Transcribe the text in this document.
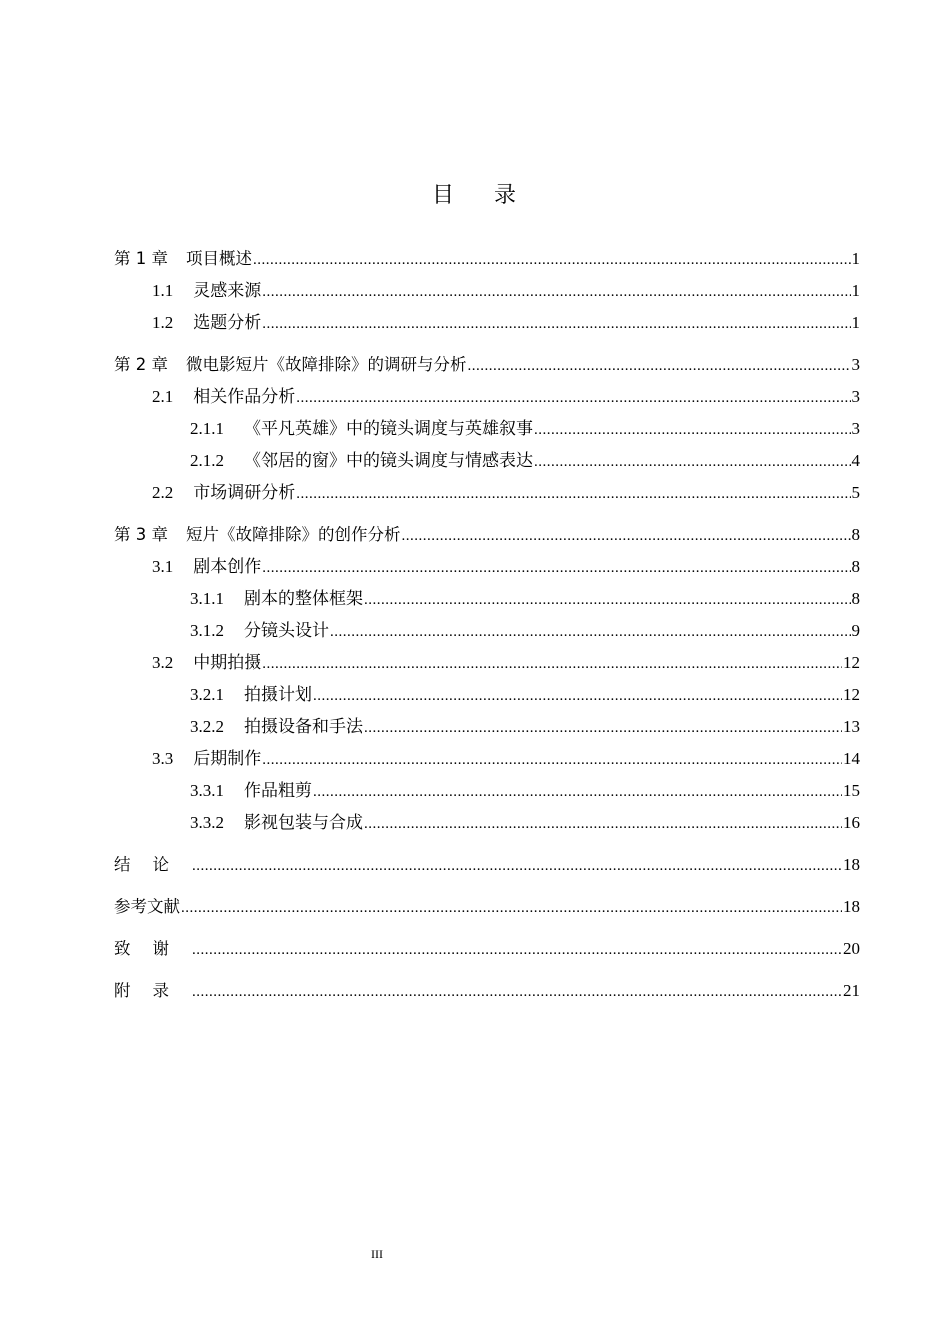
目 录
第 1 章 项目概述 .....	1
1.1 灵感来源 .....	1
1.2 选题分析 .....	1
第 2 章 微电影短片《故障排除》的调研与分析 .....	3
2.1 相关作品分析 .....	3
2.1.1 《平凡英雄》中的镜头调度与英雄叙事 .....	3
2.1.2 《邻居的窗》中的镜头调度与情感表达 .....	4
2.2 市场调研分析 .....	5
第 3 章 短片《故障排除》的创作分析 .....	8
3.1 剧本创作 .....	8
3.1.1 剧本的整体框架 .....	8
3.1.2 分镜头设计 .....	9
3.2 中期拍摄 .....	12
3.2.1 拍摄计划 .....	12
3.2.2 拍摄设备和手法 .....	13
3.3 后期制作 .....	14
3.3.1 作品粗剪 .....	15
3.3.2 影视包装与合成 .....	16
结论 .....	18
参考文献 .....	18
致谢 .....	20
附录 .....	21
III
